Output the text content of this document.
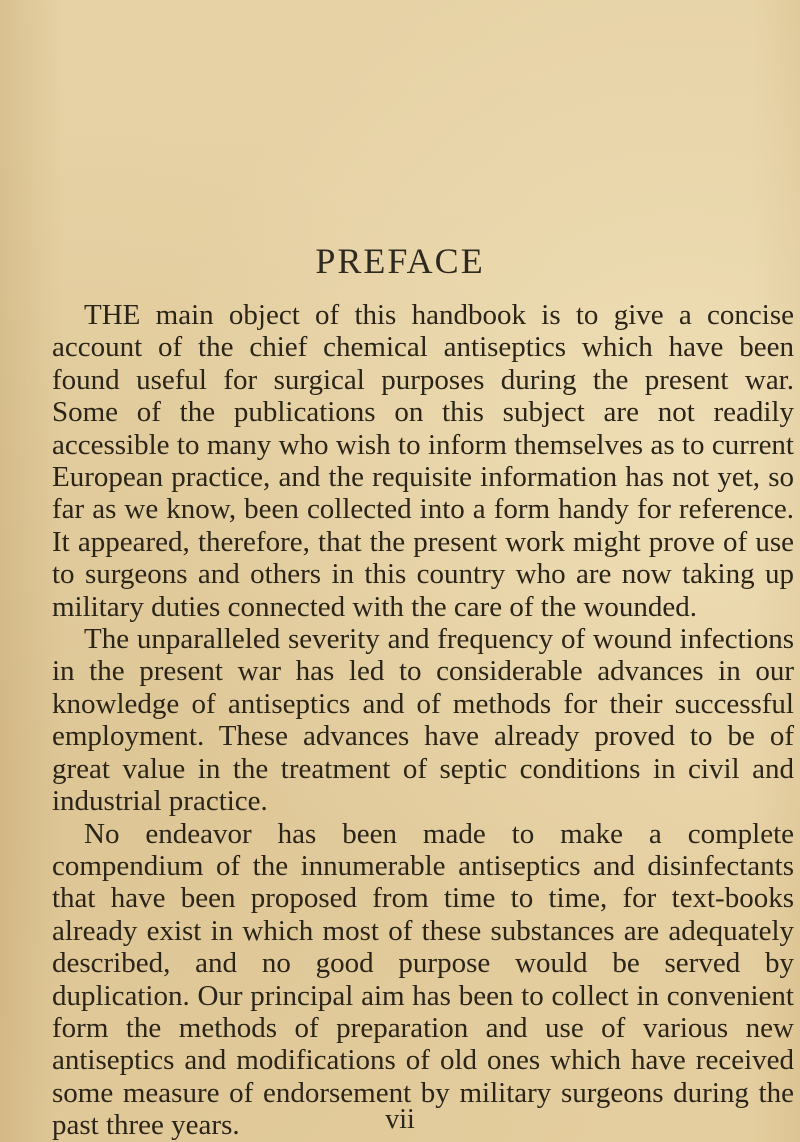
PREFACE

THE main object of this handbook is to give a concise account of the chief chemical antiseptics which have been found useful for surgical purposes during the present war. Some of the publications on this subject are not readily accessible to many who wish to inform themselves as to current European practice, and the requisite information has not yet, so far as we know, been collected into a form handy for reference. It appeared, therefore, that the present work might prove of use to surgeons and others in this country who are now taking up military duties connected with the care of the wounded.

The unparalleled severity and frequency of wound infections in the present war has led to considerable advances in our knowledge of antiseptics and of methods for their successful employment. These advances have already proved to be of great value in the treatment of septic conditions in civil and industrial practice.

No endeavor has been made to make a complete compendium of the innumerable antiseptics and disinfectants that have been proposed from time to time, for text-books already exist in which most of these substances are adequately described, and no good purpose would be served by duplication. Our principal aim has been to collect in convenient form the methods of preparation and use of various new antiseptics and modifications of old ones which have received some measure of endorsement by military surgeons during the past three years.	vii
